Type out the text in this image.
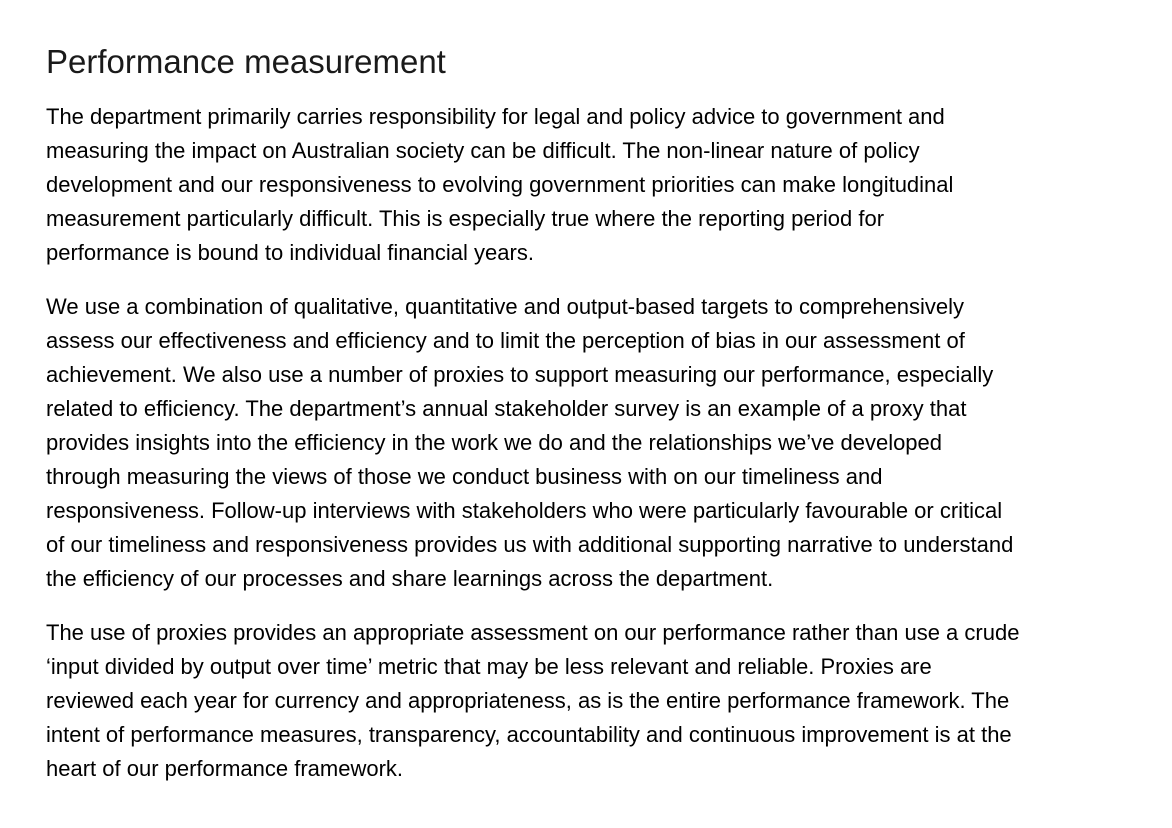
Performance measurement

The department primarily carries responsibility for legal and policy advice to government and
measuring the impact on Australian society can be difficult. The non-linear nature of policy
development and our responsiveness to evolving government priorities can make longitudinal
measurement particularly difficult. This is especially true where the reporting period for
performance is bound to individual financial years.

We use a combination of qualitative, quantitative and output-based targets to comprehensively
assess our effectiveness and efficiency and to limit the perception of bias in our assessment of
achievement. We also use a number of proxies to support measuring our performance, especially
related to efficiency. The department’s annual stakeholder survey is an example of a proxy that
provides insights into the efficiency in the work we do and the relationships we’ve developed
through measuring the views of those we conduct business with on our timeliness and
responsiveness. Follow-up interviews with stakeholders who were particularly favourable or critical
of our timeliness and responsiveness provides us with additional supporting narrative to understand
the efficiency of our processes and share learnings across the department.

The use of proxies provides an appropriate assessment on our performance rather than use a crude
‘input divided by output over time’ metric that may be less relevant and reliable. Proxies are
reviewed each year for currency and appropriateness, as is the entire performance framework. The
intent of performance measures, transparency, accountability and continuous improvement is at the
heart of our performance framework.
